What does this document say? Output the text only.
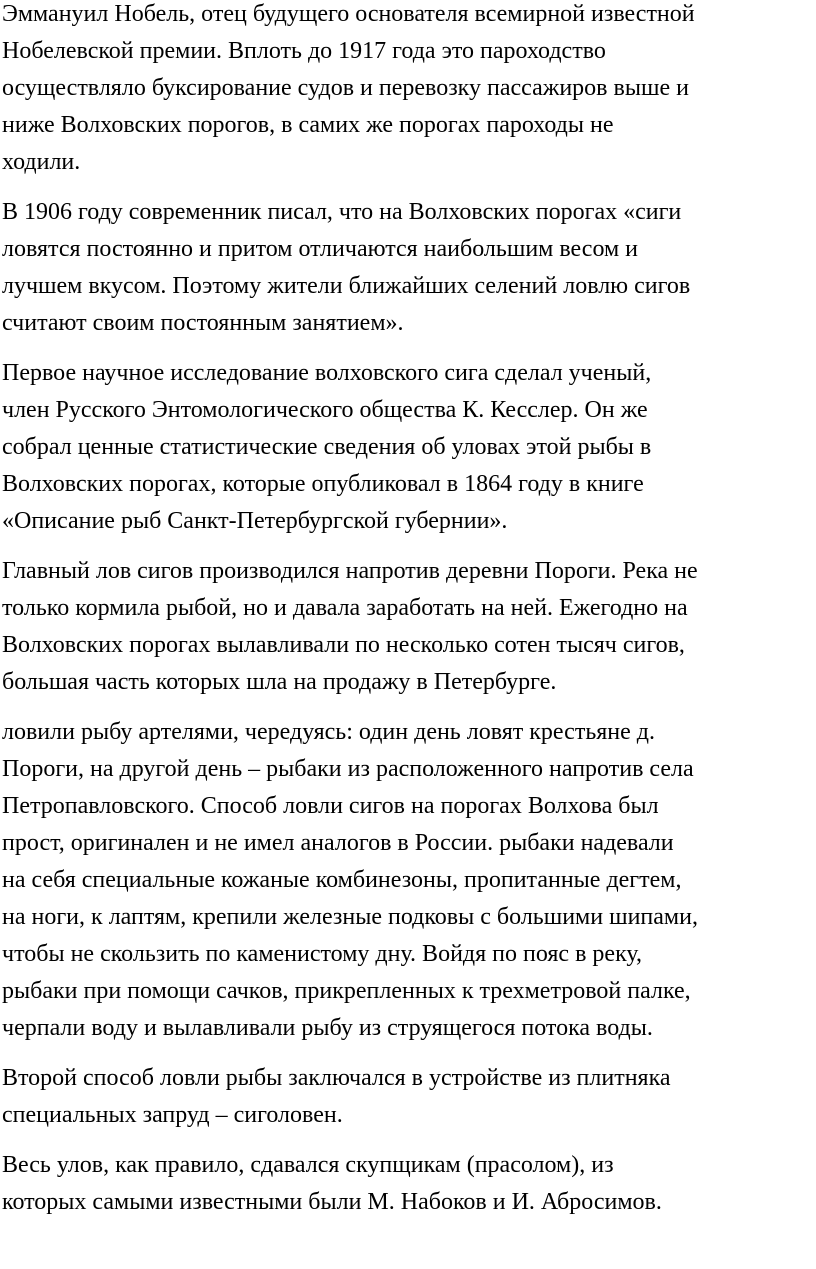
Эммануил Нобель, отец будущего основателя всемирной известной
Нобелевской премии. Вплоть до 1917 года это пароходство
осуществляло буксирование судов и перевозку пассажиров выше и
ниже Волховских порогов, в самих же порогах пароходы не
ходили.

В 1906 году современник писал, что на Волховских порогах «сиги
ловятся постоянно и притом отличаются наибольшим весом и
лучшем вкусом. Поэтому жители ближайших селений ловлю сигов
считают своим постоянным занятием».

Первое научное исследование волховского сига сделал ученый,
член Русского Энтомологического общества К. Кесслер. Он же
собрал ценные статистические сведения об уловах этой рыбы в
Волховских порогах, которые опубликовал в 1864 году в книге
«Описание рыб Санкт-Петербургской губернии».

Главный лов сигов производился напротив деревни Пороги. Река не
только кормила рыбой, но и давала заработать на ней. Ежегодно на
Волховских порогах вылавливали по несколько сотен тысяч сигов,
большая часть которых шла на продажу в Петербурге.

ловили рыбу артелями, чередуясь: один день ловят крестьяне д.
Пороги, на другой день – рыбаки из расположенного напротив села
Петропавловского. Способ ловли сигов на порогах Волхова был
прост, оригинален и не имел аналогов в России. рыбаки надевали
на себя специальные кожаные комбинезоны, пропитанные дегтем,
на ноги, к лаптям, крепили железные подковы с большими шипами,
чтобы не скользить по каменистому дну. Войдя по пояс в реку,
рыбаки при помощи сачков, прикрепленных к трехметровой палке,
черпали воду и вылавливали рыбу из струящегося потока воды.

Второй способ ловли рыбы заключался в устройстве из плитняка
специальных запруд – сиголовен.

Весь улов, как правило, сдавался скупщикам (прасолом), из
которых самыми известными были М. Набоков и И. Абросимов.
